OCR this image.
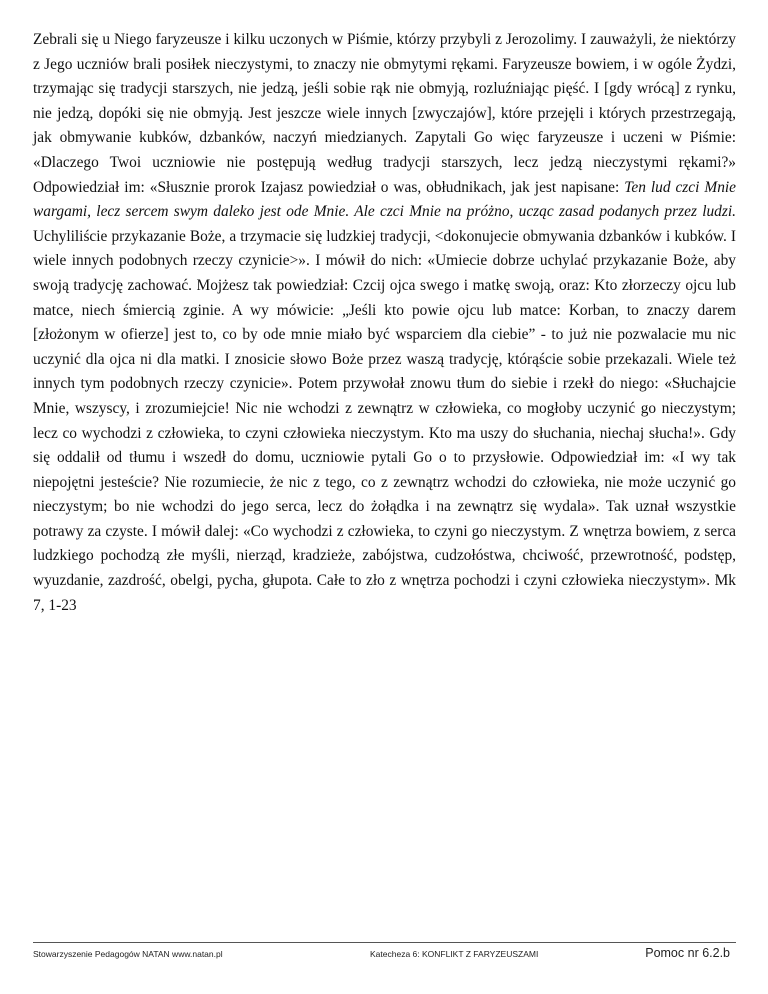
Zebrali się u Niego faryzeusze i kilku uczonych w Piśmie, którzy przybyli z Jerozolimy. I zauważyli, że niektórzy z Jego uczniów brali posiłek nieczystymi, to znaczy nie obmytymi rękami. Faryzeusze bowiem, i w ogóle Żydzi, trzymając się tradycji starszych, nie jedzą, jeśli sobie rąk nie obmyją, rozluźniając pięść. I [gdy wrócą] z rynku, nie jedzą, dopóki się nie obmyją. Jest jeszcze wiele innych [zwyczajów], które przejęli i których przestrzegają, jak obmywanie kubków, dzbanków, naczyń miedzianych. Zapytali Go więc faryzeusze i uczeni w Piśmie: «Dlaczego Twoi uczniowie nie postępują według tradycji starszych, lecz jedzą nieczystymi rękami?» Odpowiedział im: «Słusznie prorok Izajasz powiedział o was, obłudnikach, jak jest napisane: Ten lud czci Mnie wargami, lecz sercem swym daleko jest ode Mnie. Ale czci Mnie na próżno, ucząc zasad podanych przez ludzi. Uchyliliście przykazanie Boże, a trzymacie się ludzkiej tradycji, <dokonujecie obmywania dzbanków i kubków. I wiele innych podobnych rzeczy czynicie>». I mówił do nich: «Umiecie dobrze uchylać przykazanie Boże, aby swoją tradycję zachować. Mojżesz tak powiedział: Czcij ojca swego i matkę swoją, oraz: Kto złorzeczy ojcu lub matce, niech śmiercią zginie. A wy mówicie: „Jeśli kto powie ojcu lub matce: Korban, to znaczy darem [złożonym w ofierze] jest to, co by ode mnie miało być wsparciem dla ciebie” - to już nie pozwalacie mu nic uczynić dla ojca ni dla matki. I znosicie słowo Boże przez waszą tradycję, którąście sobie przekazali. Wiele też innych tym podobnych rzeczy czynicie». Potem przywołał znowu tłum do siebie i rzekł do niego: «Słuchajcie Mnie, wszyscy, i zrozumiejcie! Nic nie wchodzi z zewnątrz w człowieka, co mogłoby uczynić go nieczystym; lecz co wychodzi z człowieka, to czyni człowieka nieczystym. Kto ma uszy do słuchania, niechaj słucha!». Gdy się oddalił od tłumu i wszedł do domu, uczniowie pytali Go o to przysłowie. Odpowiedział im: «I wy tak niepojętni jesteście? Nie rozumiecie, że nic z tego, co z zewnątrz wchodzi do człowieka, nie może uczynić go nieczystym; bo nie wchodzi do jego serca, lecz do żołądka i na zewnątrz się wydala». Tak uznał wszystkie potrawy za czyste. I mówił dalej: «Co wychodzi z człowieka, to czyni go nieczystym. Z wnętrza bowiem, z serca ludzkiego pochodzą złe myśli, nierząd, kradzieże, zabójstwa, cudzołóstwa, chciwość, przewrotność, podstęp, wyuzdanie, zazdrość, obelgi, pycha, głupota. Całe to zło z wnętrza pochodzi i czyni człowieka nieczystym». Mk 7, 1-23

Stowarzyszenie Pedagogów NATAN www.natan.pl	Katecheza 6: KONFLIKT Z FARYZEUSZAMI	Pomoc nr 6.2.b
